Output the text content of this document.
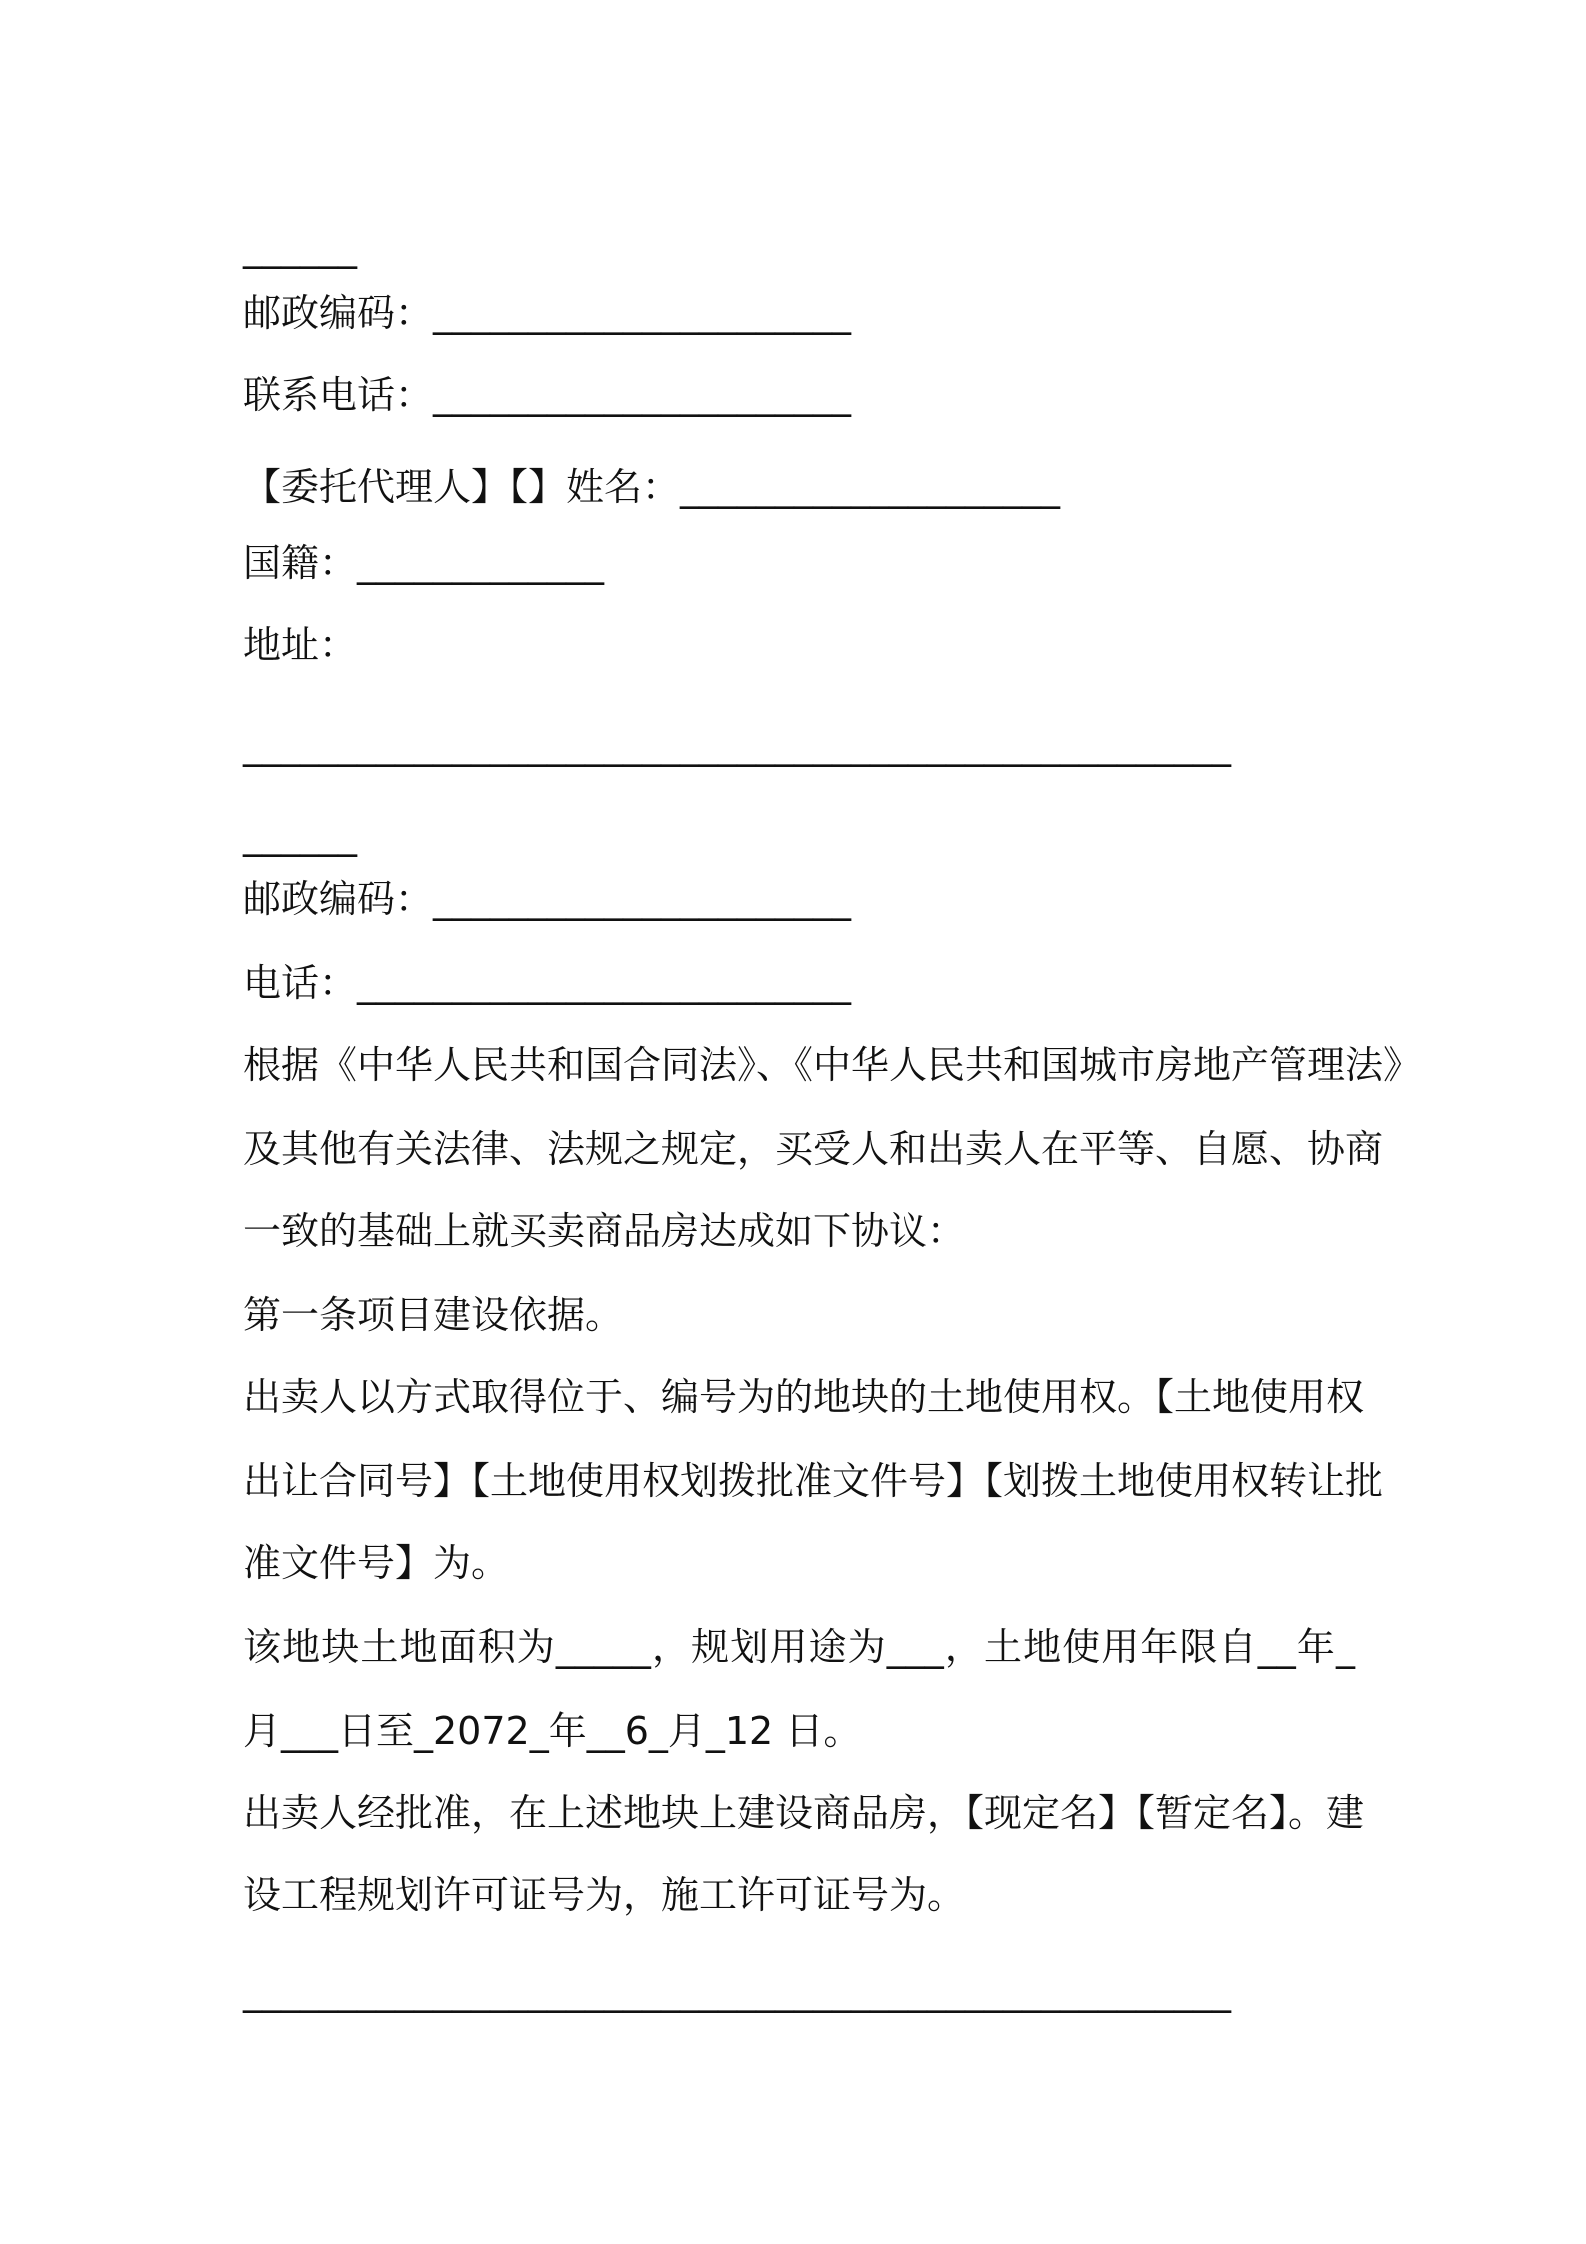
______
邮政编码：______________________
联系电话：______________________
【委托代理人】【】姓名：____________________
国籍：_____________
地址：
____________________________________________________
______
邮政编码：______________________
电话：__________________________
根据《中华人民共和国合同法》、《中华人民共和国城市房地产管理法》
及其他有关法律、法规之规定，买受人和出卖人在平等、自愿、协商
一致的基础上就买卖商品房达成如下协议：
第一条项目建设依据。
出卖人以方式取得位于、编号为的地块的土地使用权。【土地使用权
出让合同号】【土地使用权划拨批准文件号】【划拨土地使用权转让批
准文件号】为。
该地块土地面积为_____，规划用途为___，土地使用年限自__年_
月___日至_2072_年__6_月_12 日。
出卖人经批准，在上述地块上建设商品房，【现定名】【暂定名】。建
设工程规划许可证号为，施工许可证号为。
____________________________________________________
